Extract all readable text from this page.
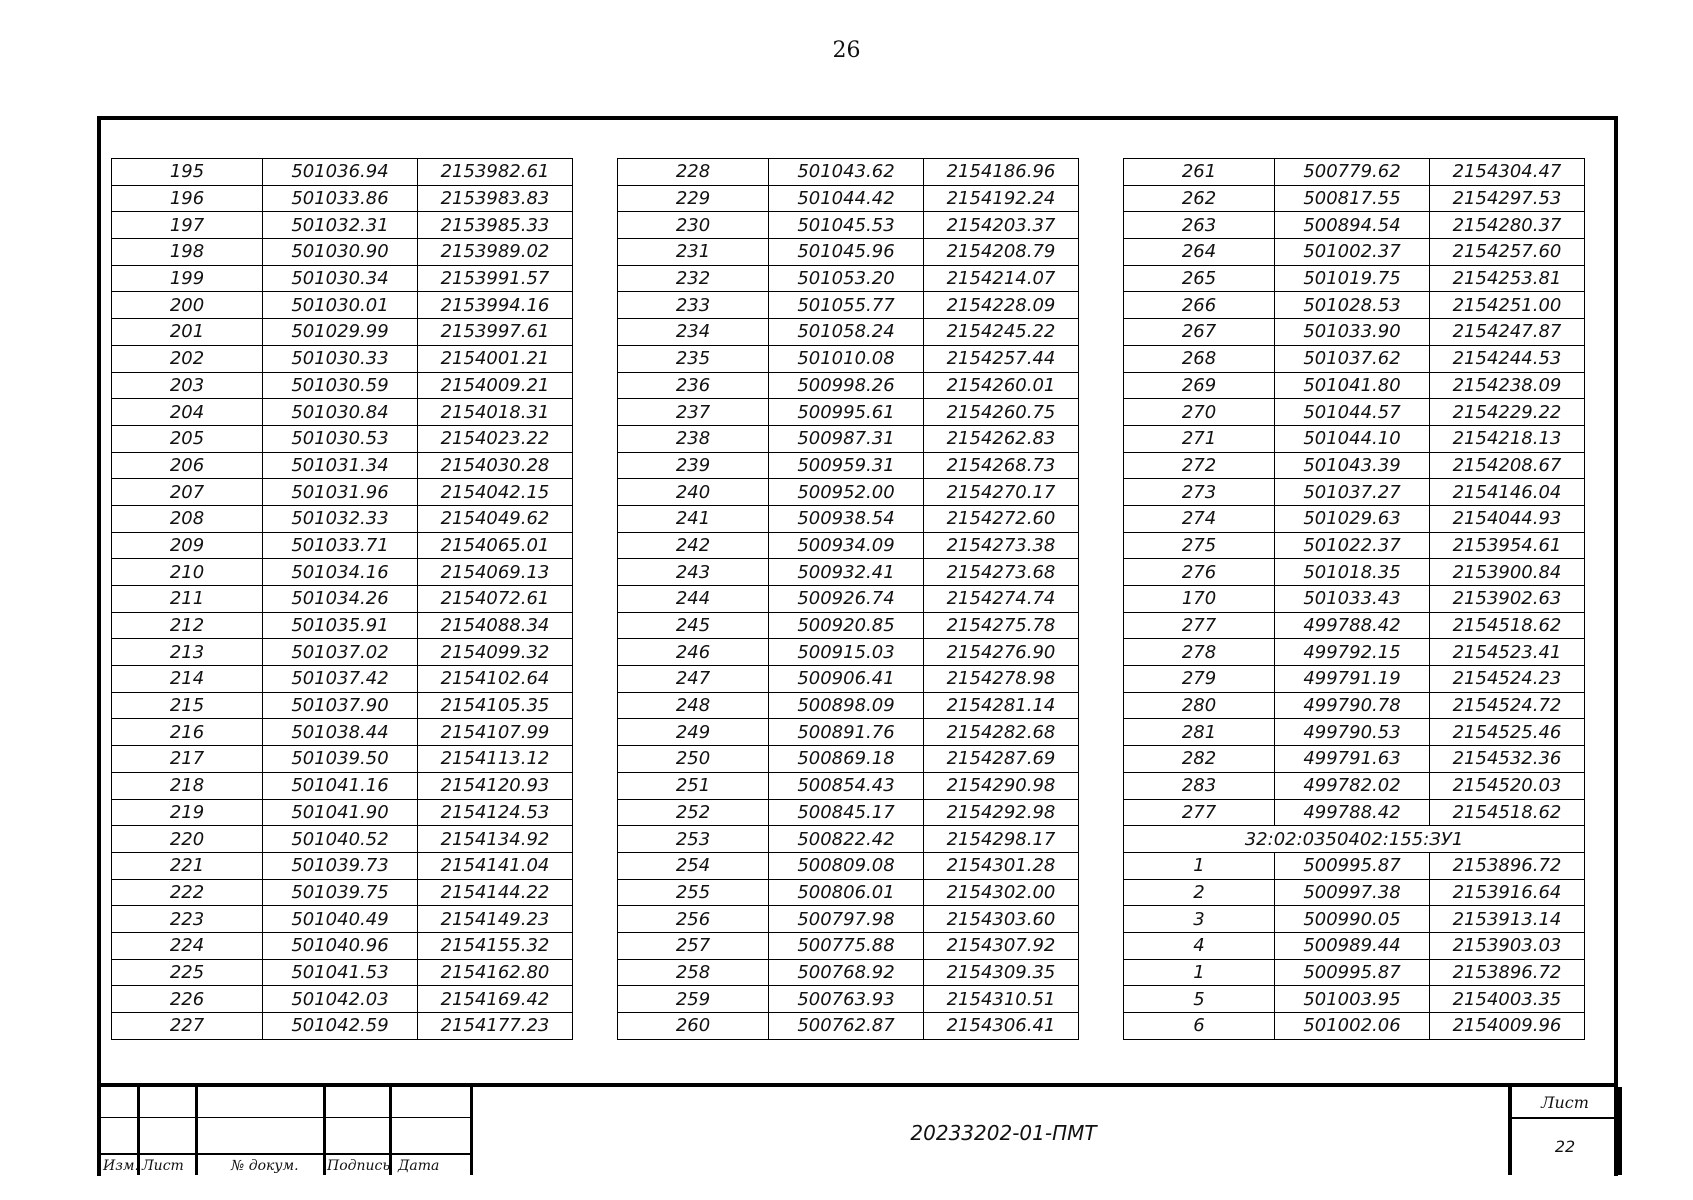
26
195	501036.94	2153982.61
196	501033.86	2153983.83
197	501032.31	2153985.33
198	501030.90	2153989.02
199	501030.34	2153991.57
200	501030.01	2153994.16
201	501029.99	2153997.61
202	501030.33	2154001.21
203	501030.59	2154009.21
204	501030.84	2154018.31
205	501030.53	2154023.22
206	501031.34	2154030.28
207	501031.96	2154042.15
208	501032.33	2154049.62
209	501033.71	2154065.01
210	501034.16	2154069.13
211	501034.26	2154072.61
212	501035.91	2154088.34
213	501037.02	2154099.32
214	501037.42	2154102.64
215	501037.90	2154105.35
216	501038.44	2154107.99
217	501039.50	2154113.12
218	501041.16	2154120.93
219	501041.90	2154124.53
220	501040.52	2154134.92
221	501039.73	2154141.04
222	501039.75	2154144.22
223	501040.49	2154149.23
224	501040.96	2154155.32
225	501041.53	2154162.80
226	501042.03	2154169.42
227	501042.59	2154177.23
228	501043.62	2154186.96
229	501044.42	2154192.24
230	501045.53	2154203.37
231	501045.96	2154208.79
232	501053.20	2154214.07
233	501055.77	2154228.09
234	501058.24	2154245.22
235	501010.08	2154257.44
236	500998.26	2154260.01
237	500995.61	2154260.75
238	500987.31	2154262.83
239	500959.31	2154268.73
240	500952.00	2154270.17
241	500938.54	2154272.60
242	500934.09	2154273.38
243	500932.41	2154273.68
244	500926.74	2154274.74
245	500920.85	2154275.78
246	500915.03	2154276.90
247	500906.41	2154278.98
248	500898.09	2154281.14
249	500891.76	2154282.68
250	500869.18	2154287.69
251	500854.43	2154290.98
252	500845.17	2154292.98
253	500822.42	2154298.17
254	500809.08	2154301.28
255	500806.01	2154302.00
256	500797.98	2154303.60
257	500775.88	2154307.92
258	500768.92	2154309.35
259	500763.93	2154310.51
260	500762.87	2154306.41
261	500779.62	2154304.47
262	500817.55	2154297.53
263	500894.54	2154280.37
264	501002.37	2154257.60
265	501019.75	2154253.81
266	501028.53	2154251.00
267	501033.90	2154247.87
268	501037.62	2154244.53
269	501041.80	2154238.09
270	501044.57	2154229.22
271	501044.10	2154218.13
272	501043.39	2154208.67
273	501037.27	2154146.04
274	501029.63	2154044.93
275	501022.37	2153954.61
276	501018.35	2153900.84
170	501033.43	2153902.63
277	499788.42	2154518.62
278	499792.15	2154523.41
279	499791.19	2154524.23
280	499790.78	2154524.72
281	499790.53	2154525.46
282	499791.63	2154532.36
283	499782.02	2154520.03
277	499788.42	2154518.62
32:02:0350402:155:ЗУ1		
1	500995.87	2153896.72
2	500997.38	2153916.64
3	500990.05	2153913.14
4	500989.44	2153903.03
1	500995.87	2153896.72
5	501003.95	2154003.35
6	501002.06	2154009.96
Изм. Лист	№ докум. Подпись Дата
20233202-01-ПМТ
Лист
22
